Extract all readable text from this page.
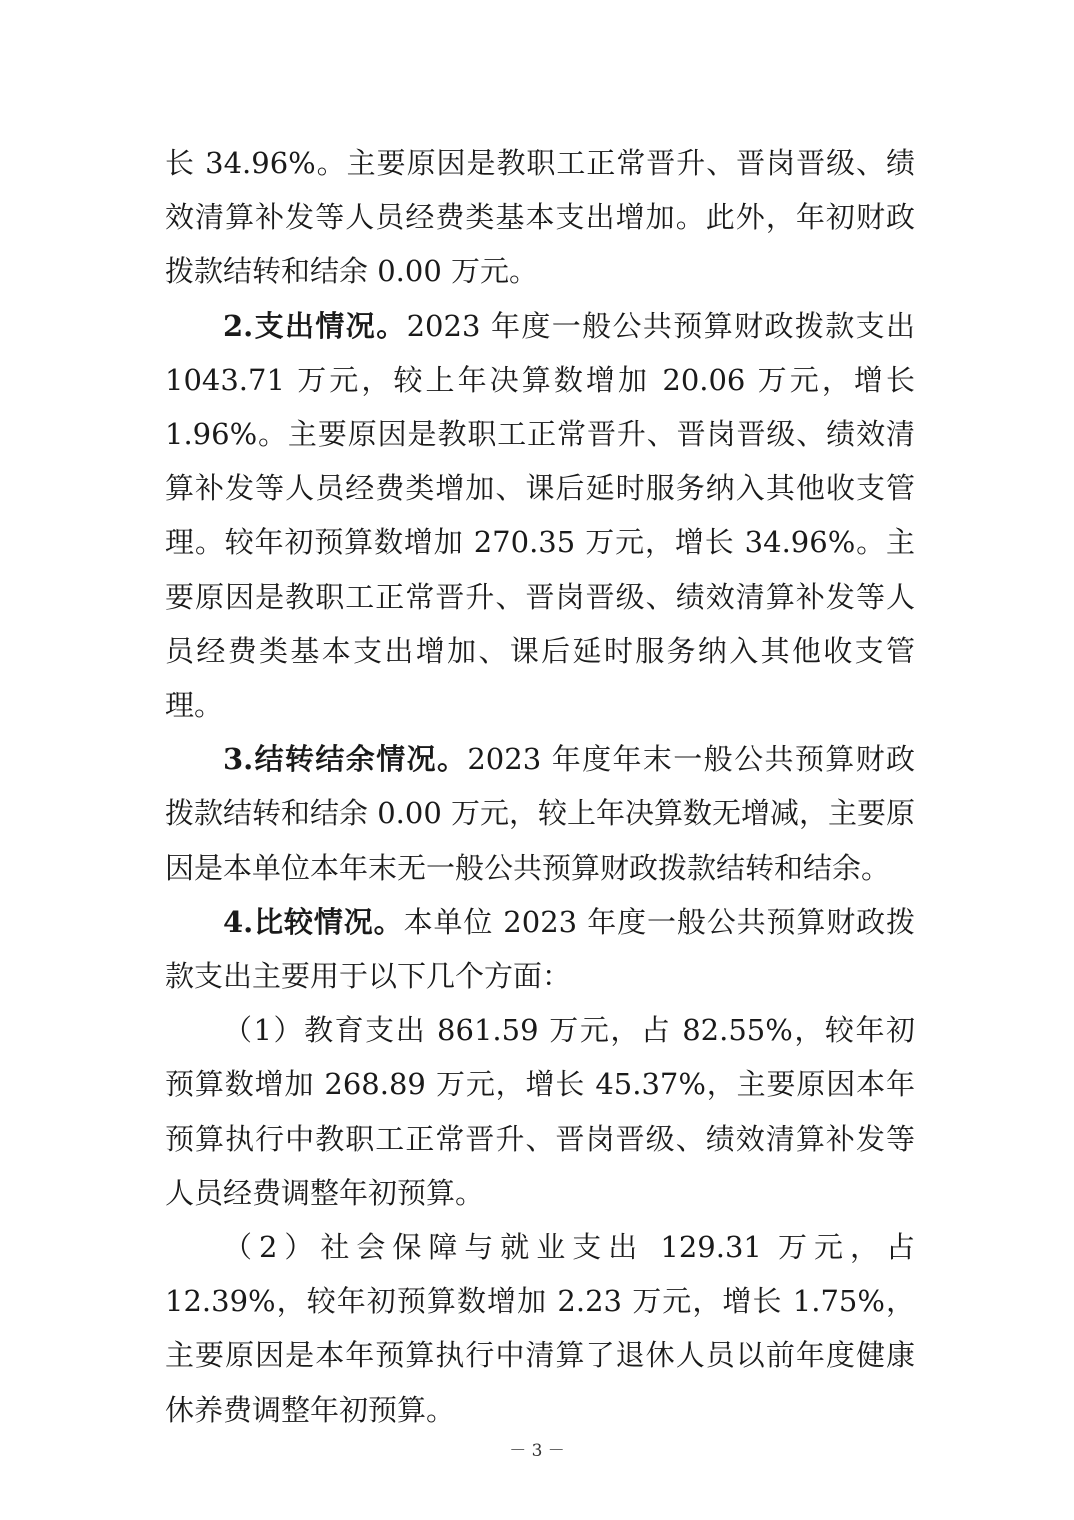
长 34.96%。主要原因是教职工正常晋升、晋岗晋级、绩效清算补发等人员经费类基本支出增加。此外，年初财政拨款结转和结余 0.00 万元。

2.支出情况。2023 年度一般公共预算财政拨款支出 1043.71 万元，较上年决算数增加 20.06 万元，增长 1.96%。主要原因是教职工正常晋升、晋岗晋级、绩效清算补发等人员经费类增加、课后延时服务纳入其他收支管理。较年初预算数增加 270.35 万元，增长 34.96%。主要原因是教职工正常晋升、晋岗晋级、绩效清算补发等人员经费类基本支出增加、课后延时服务纳入其他收支管理。

3.结转结余情况。2023 年度年末一般公共预算财政拨款结转和结余 0.00 万元，较上年决算数无增减，主要原因是本单位本年末无一般公共预算财政拨款结转和结余。

4.比较情况。本单位 2023 年度一般公共预算财政拨款支出主要用于以下几个方面：

（1）教育支出 861.59 万元，占 82.55%，较年初预算数增加 268.89 万元，增长 45.37%，主要原因本年预算执行中教职工正常晋升、晋岗晋级、绩效清算补发等人员经费调整年初预算。

（2）社会保障与就业支出 129.31 万元，占 12.39%，较年初预算数增加 2.23 万元，增长 1.75%，主要原因是本年预算执行中清算了退休人员以前年度健康休养费调整年初预算。

－ 3 －
